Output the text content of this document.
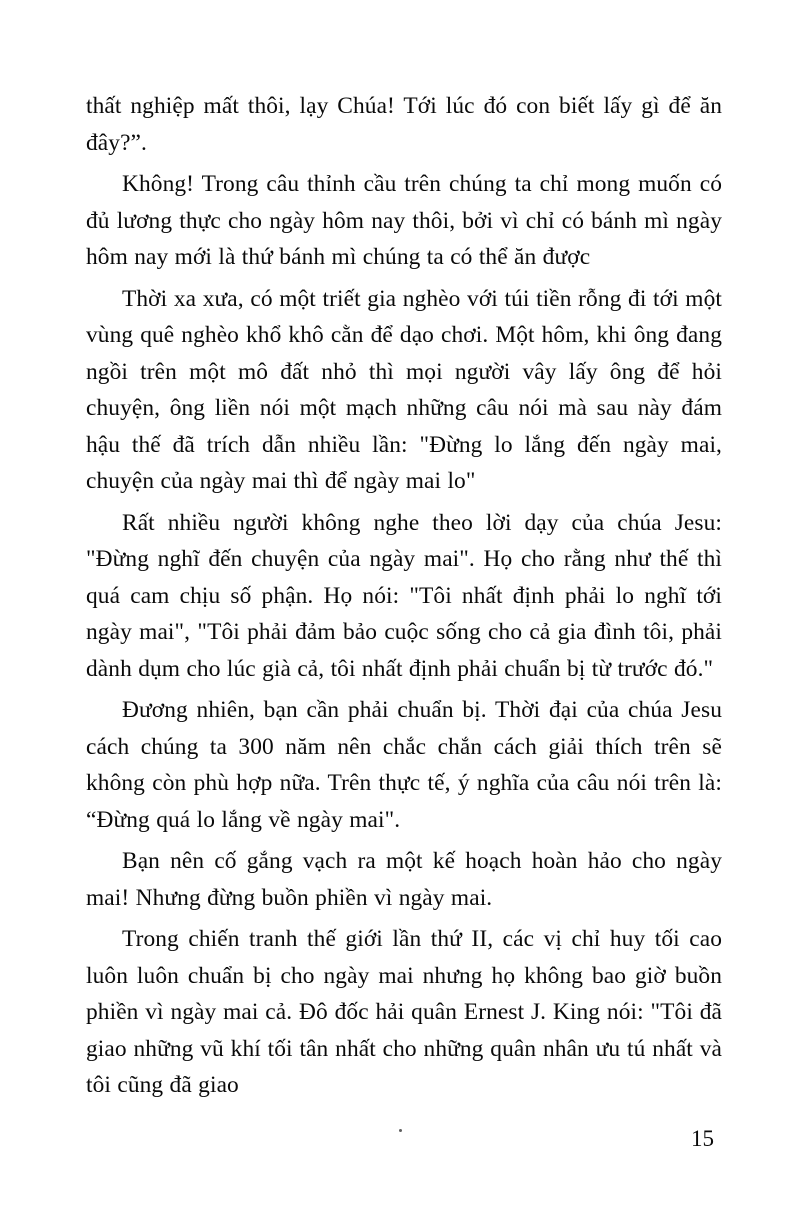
thất nghiệp mất thôi, lạy Chúa! Tới lúc đó con biết lấy gì để ăn đây?”.

Không! Trong câu thỉnh cầu trên chúng ta chỉ mong muốn có đủ lương thực cho ngày hôm nay thôi, bởi vì chỉ có bánh mì ngày hôm nay mới là thứ bánh mì chúng ta có thể ăn được

Thời xa xưa, có một triết gia nghèo với túi tiền rỗng đi tới một vùng quê nghèo khổ khô cằn để dạo chơi. Một hôm, khi ông đang ngồi trên một mô đất nhỏ thì mọi người vây lấy ông để hỏi chuyện, ông liền nói một mạch những câu nói mà sau này đám hậu thế đã trích dẫn nhiều lần: "Đừng lo lắng đến ngày mai, chuyện của ngày mai thì để ngày mai lo"

Rất nhiều người không nghe theo lời dạy của chúa Jesu: "Đừng nghĩ đến chuyện của ngày mai". Họ cho rằng như thế thì quá cam chịu số phận. Họ nói: "Tôi nhất định phải lo nghĩ tới ngày mai", "Tôi phải đảm bảo cuộc sống cho cả gia đình tôi, phải dành dụm cho lúc già cả, tôi nhất định phải chuẩn bị từ trước đó."

Đương nhiên, bạn cần phải chuẩn bị. Thời đại của chúa Jesu cách chúng ta 300 năm nên chắc chắn cách giải thích trên sẽ không còn phù hợp nữa. Trên thực tế, ý nghĩa của câu nói trên là: “Đừng quá lo lắng về ngày mai".

Bạn nên cố gắng vạch ra một kế hoạch hoàn hảo cho ngày mai! Nhưng đừng buồn phiền vì ngày mai.

Trong chiến tranh thế giới lần thứ II, các vị chỉ huy tối cao luôn luôn chuẩn bị cho ngày mai nhưng họ không bao giờ buồn phiền vì ngày mai cả. Đô đốc hải quân Ernest J. King nói: "Tôi đã giao những vũ khí tối tân nhất cho những quân nhân ưu tú nhất và tôi cũng đã giao

15
